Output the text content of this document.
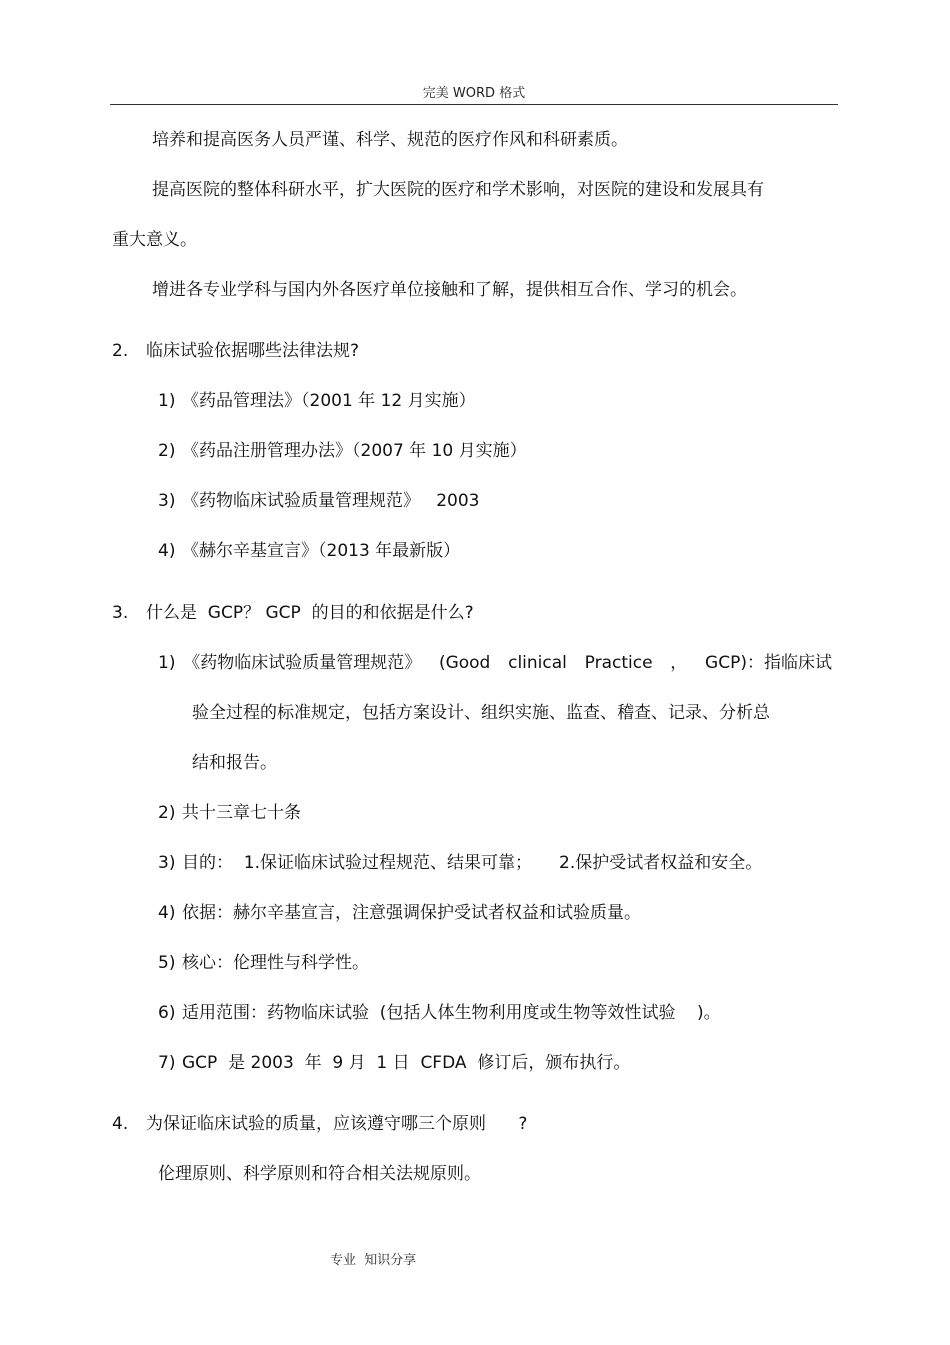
完美 WORD 格式
培养和提高医务人员严谨、科学、规范的医疗作风和科研素质。
提高医院的整体科研水平，扩大医院的医疗和学术影响，对医院的建设和发展具有
重大意义。
增进各专业学科与国内外各医疗单位接触和了解，提供相互合作、学习的机会。
2. 临床试验依据哪些法律法规?
1) 《药品管理法》（2001 年 12 月实施）
2) 《药品注册管理办法》（2007 年 10 月实施）
3) 《药物临床试验质量管理规范》   2003
4) 《赫尔辛基宣言》（2013 年最新版）
3. 什么是  GCP？ GCP  的目的和依据是什么?
1) 《药物临床试验质量管理规范》 (Good clinical Practice ， GCP)：指临床试
验全过程的标准规定，包括方案设计、组织实施、监查、稽查、记录、分析总
结和报告。
2) 共十三章七十条
3) 目的：  1.保证临床试验过程规范、结果可靠；     2.保护受试者权益和安全。
4) 依据：赫尔辛基宣言，注意强调保护受试者权益和试验质量。
5) 核心：伦理性与科学性。
6) 适用范围：药物临床试验  (包括人体生物利用度或生物等效性试验    )。
7) GCP  是 2003  年  9 月  1 日  CFDA  修订后，颁布执行。
4. 为保证临床试验的质量，应该遵守哪三个原则      ?
伦理原则、科学原则和符合相关法规原则。
专业  知识分享
